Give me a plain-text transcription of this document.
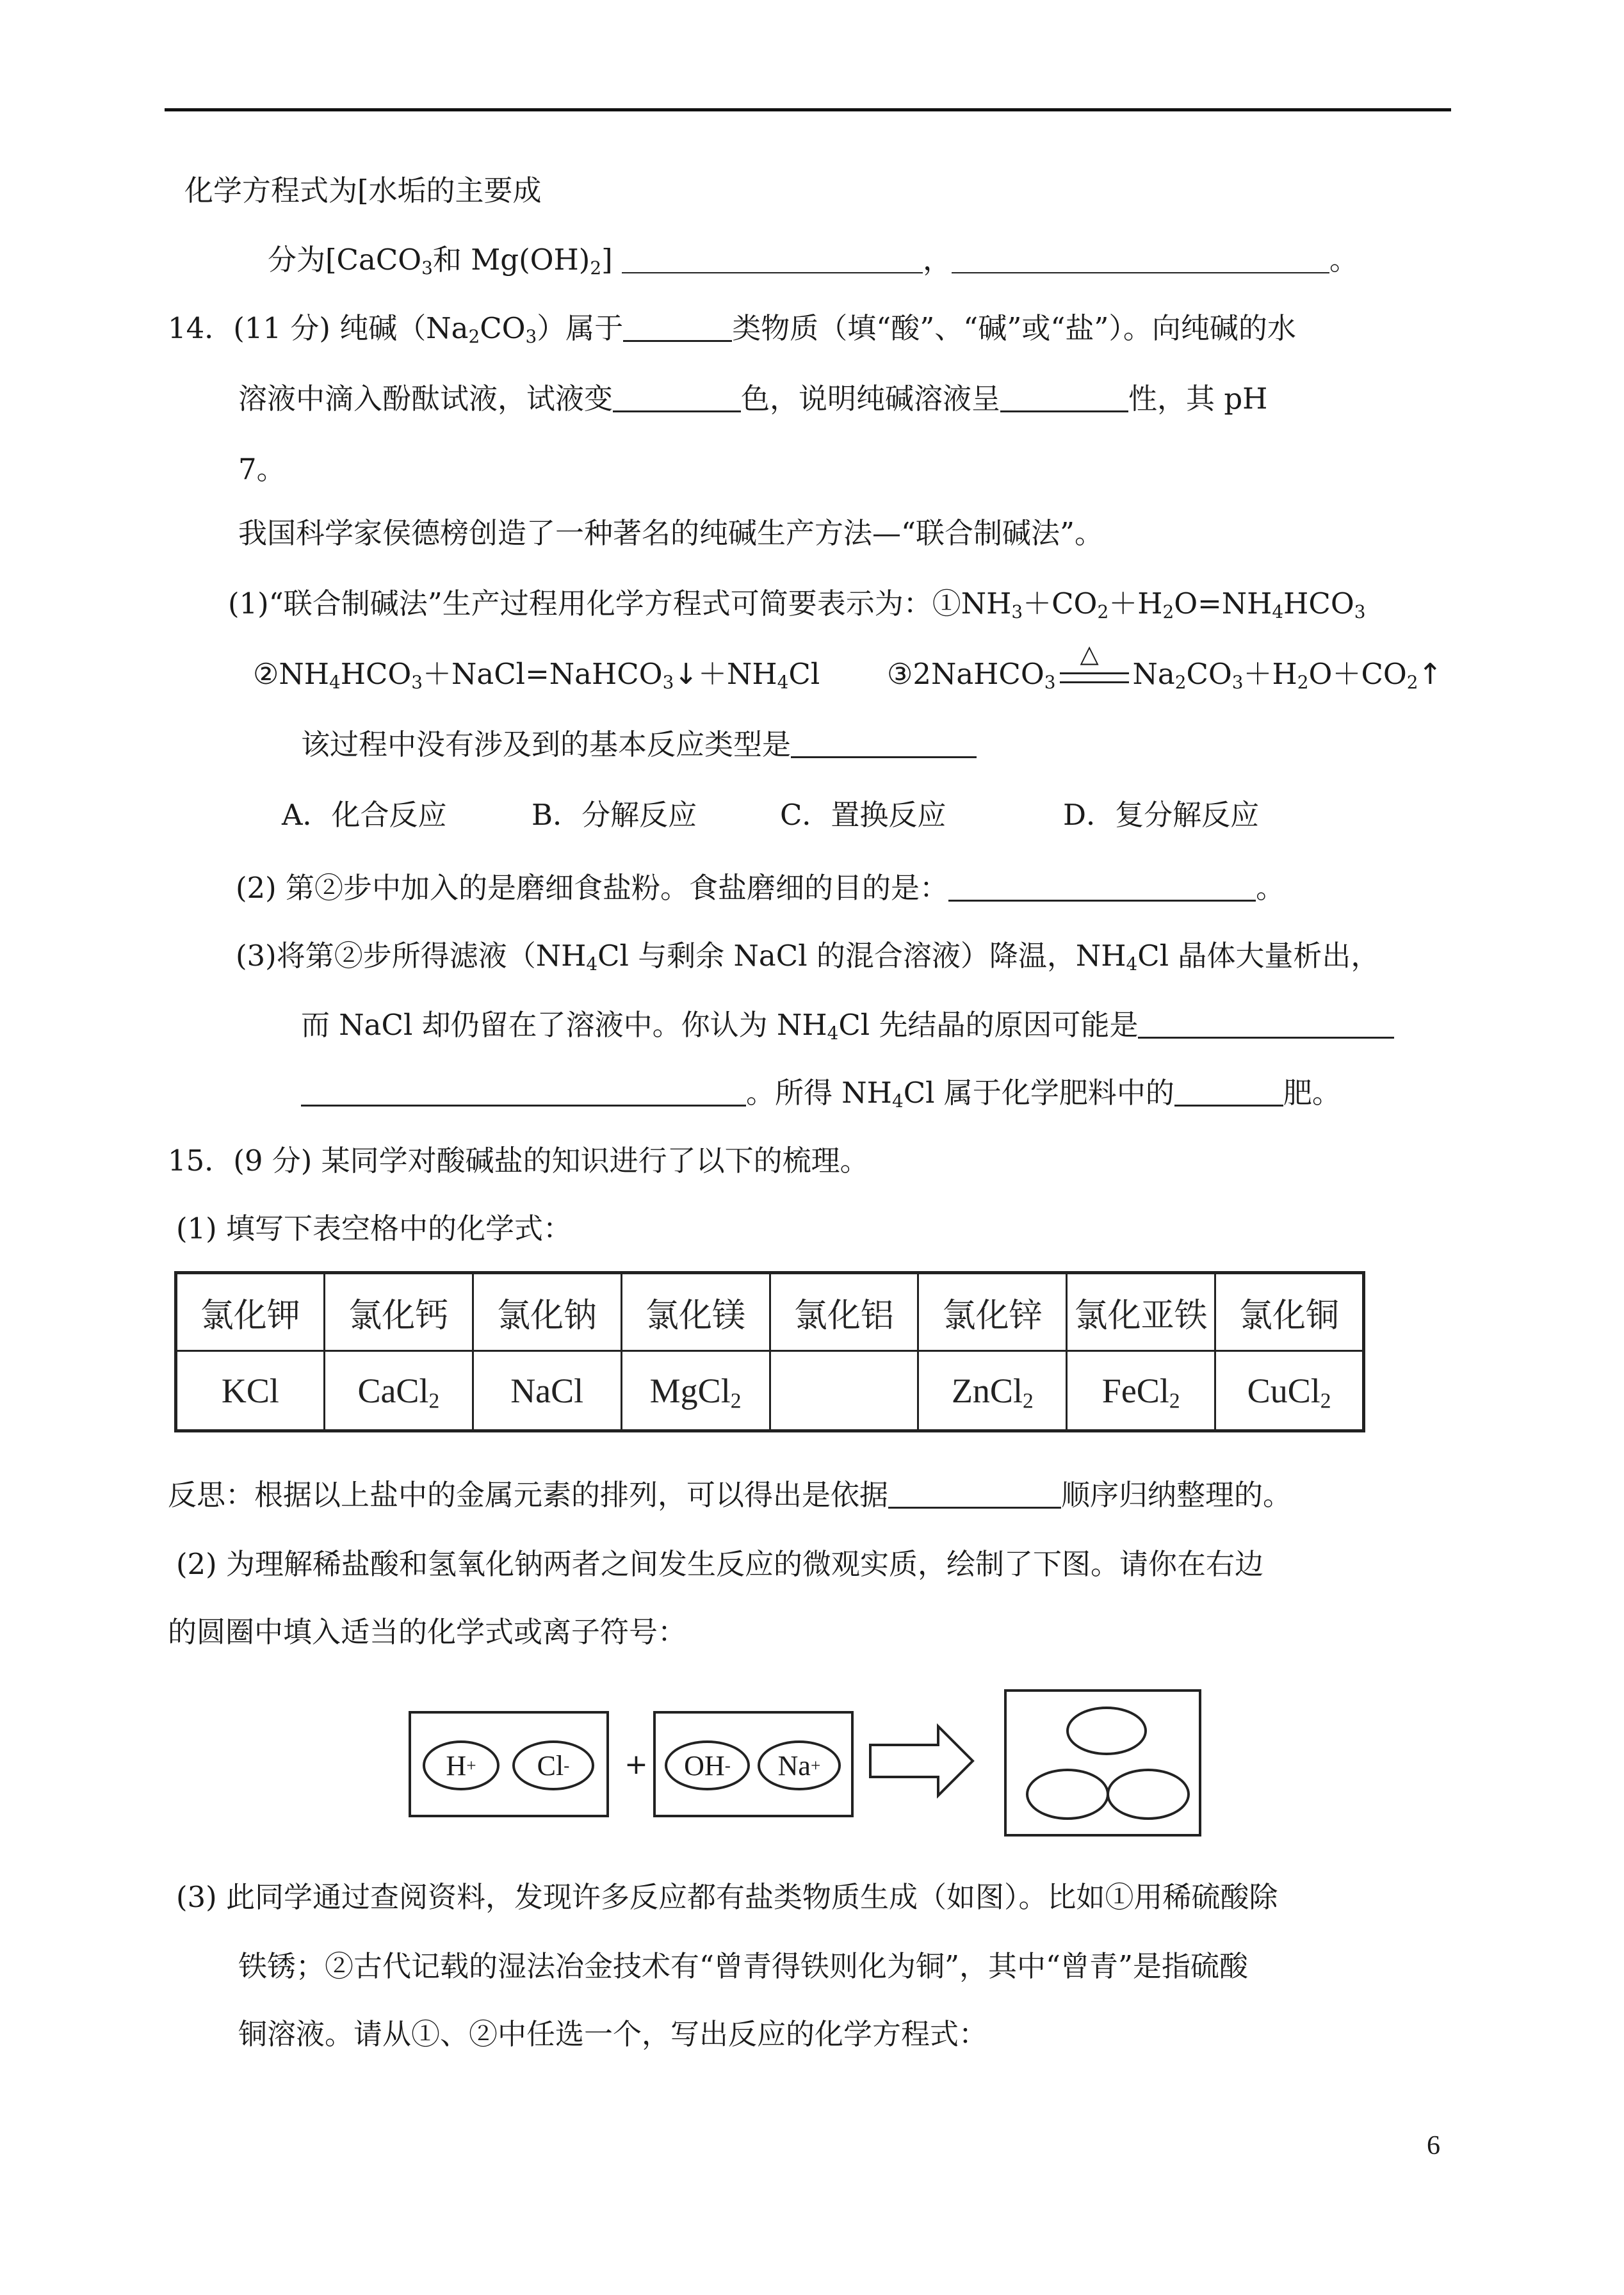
化学方程式为[水垢的主要成
分为[CaCO$_3$和 $Mg(OH)_2$]	，	。
14．(11 分) 纯碱$(Na_2CO_3)$属于	类物质（填“酸”、“碱”或“盐”）。向纯碱的水
溶液中滴入酚酞试液，试液变	色，说明纯碱溶液呈	性，其 pH
7。
我国科学家侯德榜创造了一种著名的纯碱生产方法—“联合制碱法”。
(1)“联合制碱法”生产过程用化学方程式可简要表示为：$①NH_3+CO_2+H_2O=NH_4HCO_3$
$②NH_4HCO_3+NaCl=NaHCO_3↓+NH_4Cl$ ③2NaHCO$_3$
△
$Na_2CO_3+H_2O+CO_2↑$
该过程中没有涉及到的基本反应类型是
A．化合反应	B．分解反应	C．置换反应	D．复分解反应
(2) 第②步中加入的是磨细食盐粉。食盐磨细的目的是：	。
(3)将第②步所得滤液（$NH_4Cl$ 与剩余 NaCl 的混合溶液）降温，$NH_4Cl$ 晶体大量析出，
而 NaCl 却仍留在了溶液中。你认为 $NH_4Cl$ 先结晶的原因可能是
。所得 $NH_4Cl$ 属于化学肥料中的	肥。
15．(9 分) 某同学对酸碱盐的知识进行了以下的梳理。
(1) 填写下表空格中的化学式：
氯化钾	氯化钙	氯化钠	氯化镁	氯化铝	氯化锌	氯化亚铁	氯化铜
KCl	CaCl$_2$	NaCl	MgCl$_2$		ZnCl$_2$	FeCl$_2$	CuCl$_2$
反思：根据以上盐中的金属元素的排列，可以得出是依据	顺序归纳整理的。
(2) 为理解稀盐酸和氢氧化钠两者之间发生反应的微观实质，绘制了下图。请你在右边
的圆圈中填入适当的化学式或离子符号：
H + Cl - + OH - Na +
(3) 此同学通过查阅资料，发现许多反应都有盐类物质生成（如图）。比如①用稀硫酸除
铁锈；②古代记载的湿法冶金技术有“曾青得铁则化为铜”，其中“曾青”是指硫酸
铜溶液。请从①、②中任选一个，写出反应的化学方程式：
6
